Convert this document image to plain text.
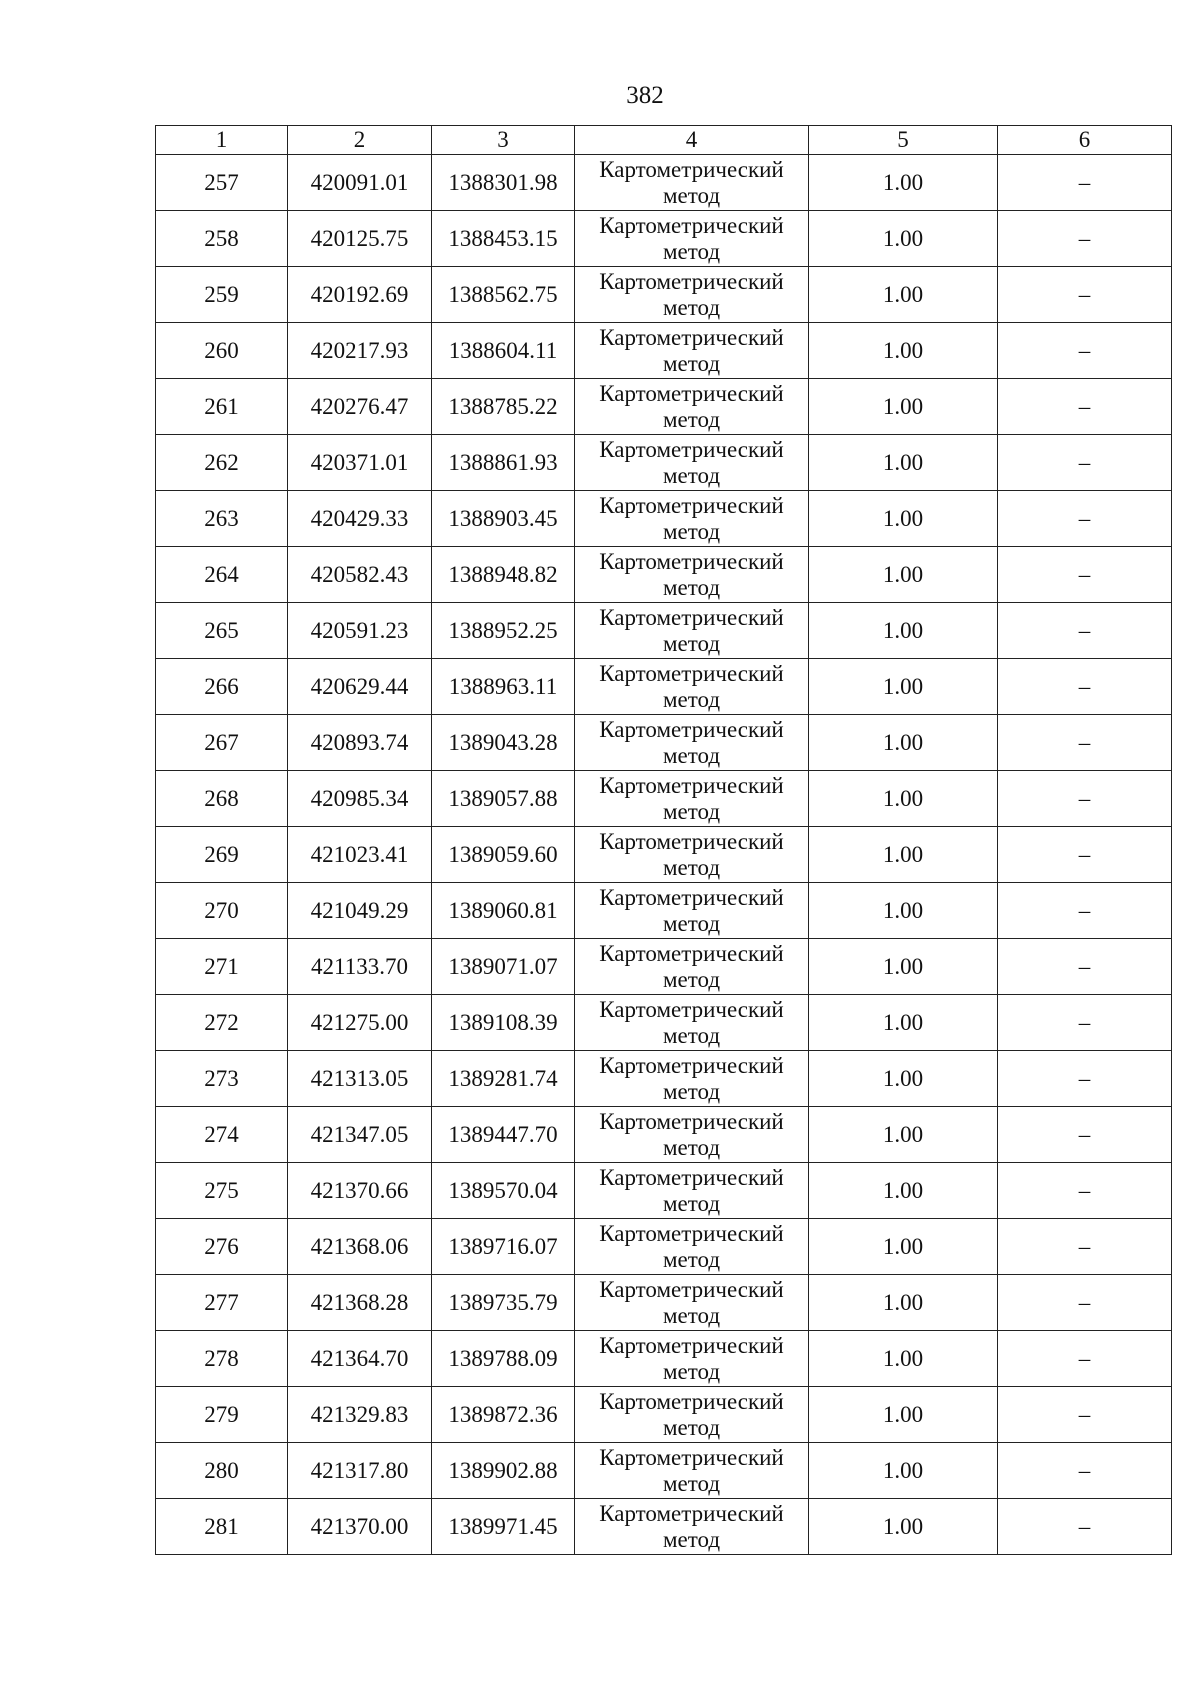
382
1	2	3	4	5	6
257	420091.01	1388301.98	Картометрический метод	1.00	–
258	420125.75	1388453.15	Картометрический метод	1.00	–
259	420192.69	1388562.75	Картометрический метод	1.00	–
260	420217.93	1388604.11	Картометрический метод	1.00	–
261	420276.47	1388785.22	Картометрический метод	1.00	–
262	420371.01	1388861.93	Картометрический метод	1.00	–
263	420429.33	1388903.45	Картометрический метод	1.00	–
264	420582.43	1388948.82	Картометрический метод	1.00	–
265	420591.23	1388952.25	Картометрический метод	1.00	–
266	420629.44	1388963.11	Картометрический метод	1.00	–
267	420893.74	1389043.28	Картометрический метод	1.00	–
268	420985.34	1389057.88	Картометрический метод	1.00	–
269	421023.41	1389059.60	Картометрический метод	1.00	–
270	421049.29	1389060.81	Картометрический метод	1.00	–
271	421133.70	1389071.07	Картометрический метод	1.00	–
272	421275.00	1389108.39	Картометрический метод	1.00	–
273	421313.05	1389281.74	Картометрический метод	1.00	–
274	421347.05	1389447.70	Картометрический метод	1.00	–
275	421370.66	1389570.04	Картометрический метод	1.00	–
276	421368.06	1389716.07	Картометрический метод	1.00	–
277	421368.28	1389735.79	Картометрический метод	1.00	–
278	421364.70	1389788.09	Картометрический метод	1.00	–
279	421329.83	1389872.36	Картометрический метод	1.00	–
280	421317.80	1389902.88	Картометрический метод	1.00	–
281	421370.00	1389971.45	Картометрический метод	1.00	–
